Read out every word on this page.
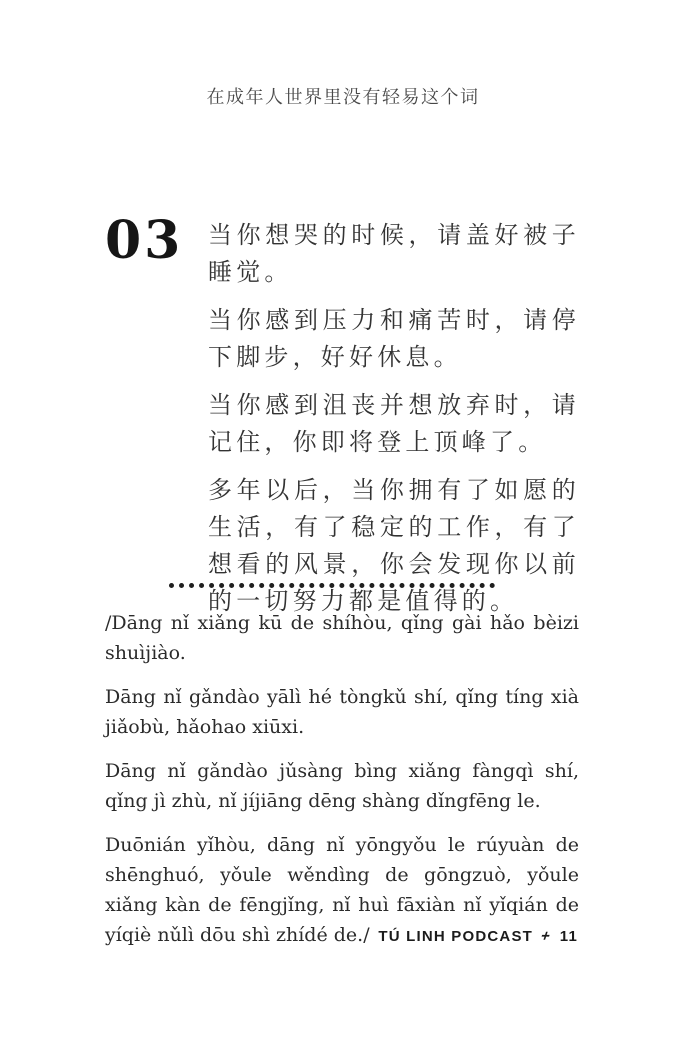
在成年人世界里没有轻易这个词
03	当你想哭的时候，请盖好被子睡觉。

当你感到压力和痛苦时，请停下脚步，好好休息。

当你感到沮丧并想放弃时，请记住，你即将登上顶峰了。

多年以后，当你拥有了如愿的生活，有了稳定的工作，有了想看的风景，你会发现你以前的一切努力都是值得的。

/Dāng nǐ xiǎng kū de shíhòu, qǐng gài hǎo bèizi shuìjiào.

Dāng nǐ gǎndào yālì hé tòngkǔ shí, qǐng tíng xià jiǎobù, hǎohao xiūxi.

Dāng nǐ gǎndào jǔsàng bìng xiǎng fàngqì shí, qǐng jì zhù, nǐ jíjiāng dēng shàng dǐngfēng le.

Duōnián yǐhòu, dāng nǐ yōngyǒu le rúyuàn de shēnghuó, yǒule wěndìng de gōngzuò, yǒule xiǎng kàn de fēngjǐng, nǐ huì fāxiàn nǐ yǐqián de yíqiè nǔlì dōu shì zhídé de./ TÚ LINH PODCAST + 11
